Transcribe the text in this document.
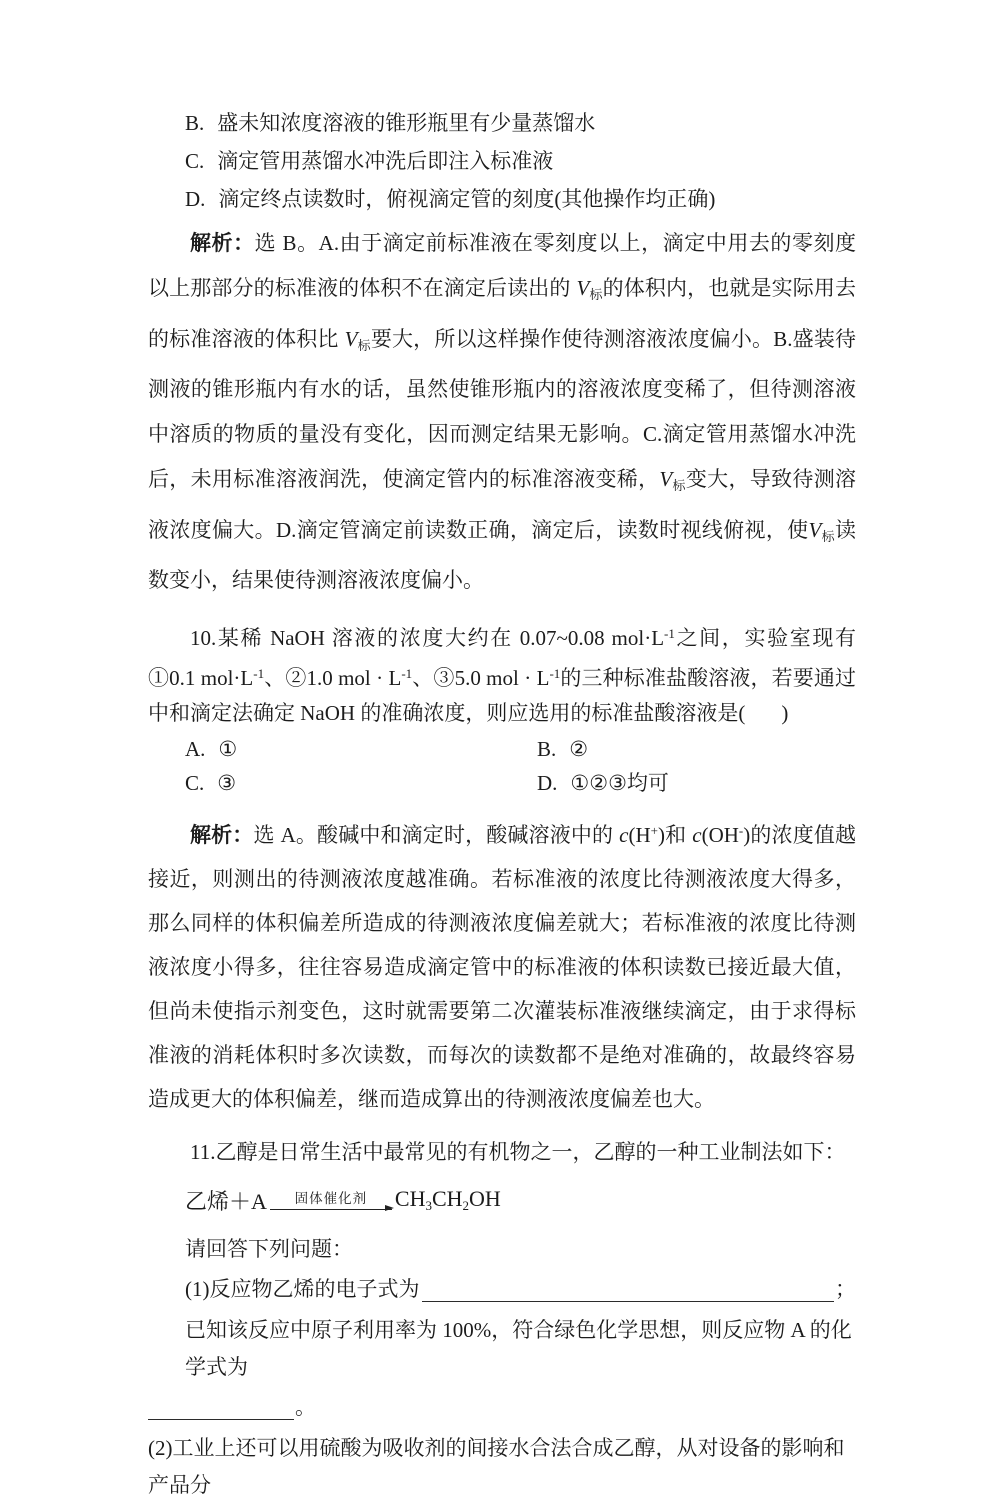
B. 盛未知浓度溶液的锥形瓶里有少量蒸馏水
C. 滴定管用蒸馏水冲洗后即注入标准液
D. 滴定终点读数时，俯视滴定管的刻度(其他操作均正确)
解析：选 B。A.由于滴定前标准液在零刻度以上，滴定中用去的零刻度以上那部分的标准液的体积不在滴定后读出的 $V_标$的体积内，也就是实际用去的标准溶液的体积比 $V_标$要大，所以这样操作使待测溶液浓度偏小。B.盛装待测液的锥形瓶内有水的话，虽然使锥形瓶内的溶液浓度变稀了，但待测溶液中溶质的物质的量没有变化，因而测定结果无影响。C.滴定管用蒸馏水冲洗后，未用标准溶液润洗，使滴定管内的标准溶液变稀，$V_标$变大，导致待测溶液浓度偏大。D.滴定管滴定前读数正确，滴定后，读数时视线俯视，使$V_标$读数变小，结果使待测溶液浓度偏小。
10.某稀 NaOH 溶液的浓度大约在 0.07~0.08 $mol\cdot L^{-1}$之间，实验室现有①0.1 $mol\cdot L^{-1}$、②1.0 mol · $L^{-1}$、③5.0 mol · $L^{-1}$的三种标准盐酸溶液，若要通过中和滴定法确定 NaOH 的准确浓度，则应选用的标准盐酸溶液是( )
A. ①	B. ②
C. ③	D. ①②③均可
解析：选 A。酸碱中和滴定时，酸碱溶液中的 c(H+)和 c(OH-)的浓度值越接近，则测出的待测液浓度越准确。若标准液的浓度比待测液浓度大得多，那么同样的体积偏差所造成的待测液浓度偏差就大；若标准液的浓度比待测液浓度小得多，往往容易造成滴定管中的标准液的体积读数已接近最大值，但尚未使指示剂变色，这时就需要第二次灌装标准液继续滴定，由于求得标准液的消耗体积时多次读数，而每次的读数都不是绝对准确的，故最终容易造成更大的体积偏差，继而造成算出的待测液浓度偏差也大。
11.乙醇是日常生活中最常见的有机物之一，乙醇的一种工业制法如下：
乙烯＋A 固体催化剂 $CH_3CH_2OH$
请回答下列问题：
(1)反应物乙烯的电子式为	；
已知该反应中原子利用率为 100%，符合绿色化学思想，则反应物 A 的化学式为
。
(2)工业上还可以用硫酸为吸收剂的间接水合法合成乙醇，从对设备的影响和产品分
